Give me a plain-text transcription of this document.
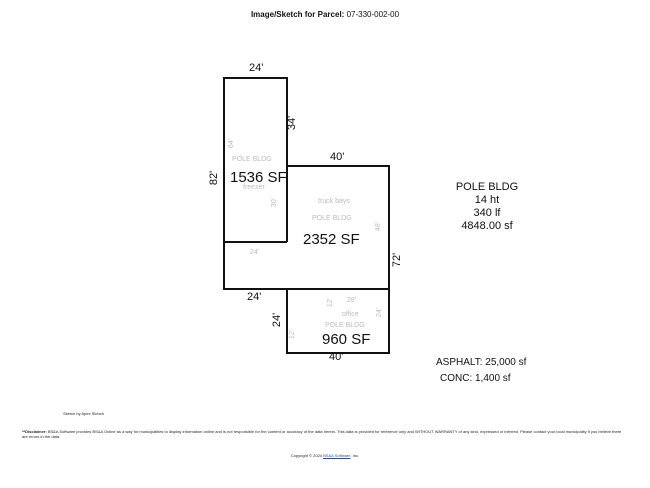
Image/Sketch for Parcel: 07-330-002-00
24'
34'
82'
40'
72'
24'
24'
40'
POLE BLDG
64'
freezer
30'
24'
truck bays
POLE BLDG
48'
28'
12'
office 24'
POLE BLDG
12'
1536 SF
2352 SF
960 SF
POLE BLDG
14 ht
340 lf
4848.00 sf
ASPHALT: 25,000 sf
CONC: 1,400 sf
Sketch by Apex Sketch
**Disclaimer: BS&A Software provides BS&A Online as a way for municipalities to display information online and is not responsible for the content or accuracy of the data herein. This data is provided for reference only and WITHOUT WARRANTY of any kind, expressed or inferred. Please contact your local municipality if you believe there are errors in the data.
Copyright © 2024 BS&A Software, Inc.
